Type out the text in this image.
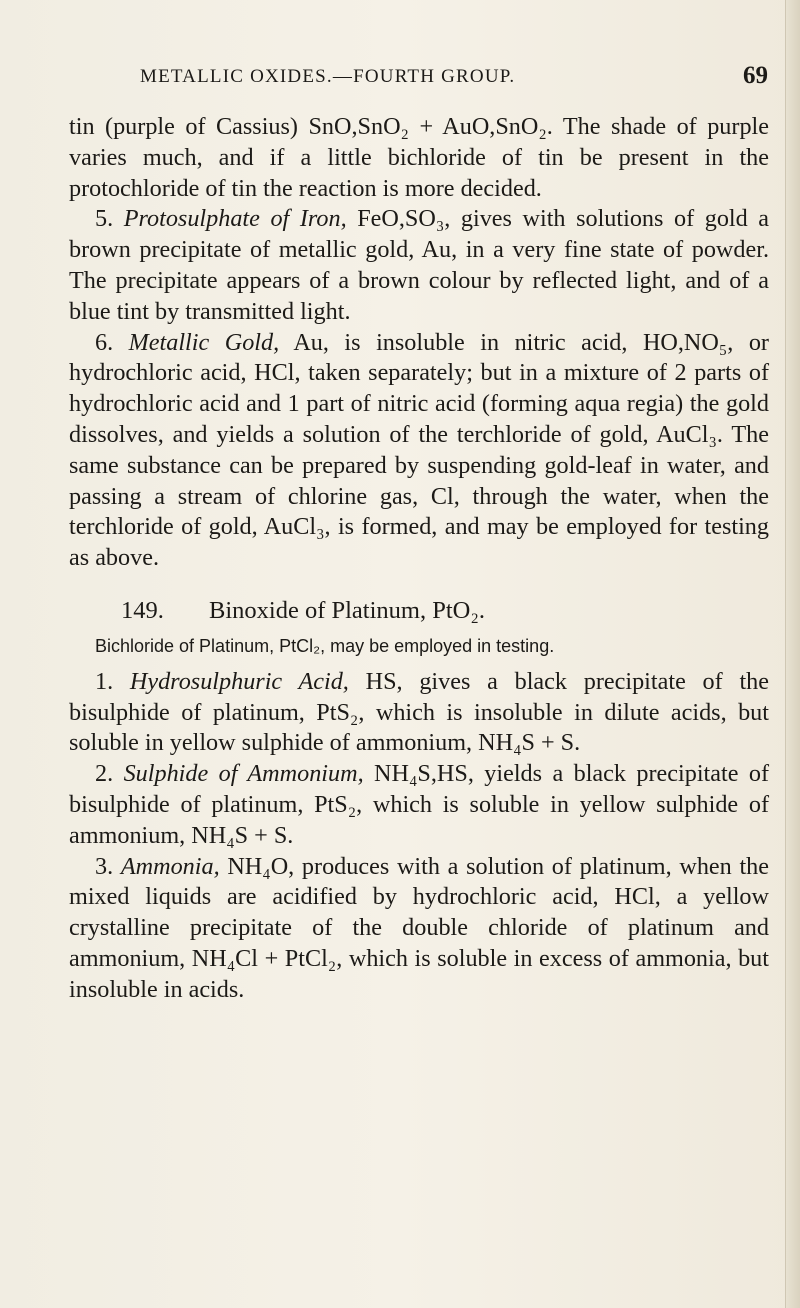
METALLIC OXIDES.—FOURTH GROUP.	69

tin (purple of Cassius) SnO,SnO₂ + AuO,SnO₂. The shade of purple varies much, and if a little bichloride of tin be present in the protochloride of tin the reaction is more decided.

5. Protosulphate of Iron, FeO,SO₃, gives with solutions of gold a brown precipitate of metallic gold, Au, in a very fine state of powder. The precipitate appears of a brown colour by reflected light, and of a blue tint by transmitted light.

6. Metallic Gold, Au, is insoluble in nitric acid, HO,NO₅, or hydrochloric acid, HCl, taken separately; but in a mixture of 2 parts of hydrochloric acid and 1 part of nitric acid (forming aqua regia) the gold dissolves, and yields a solution of the terchloride of gold, AuCl₃. The same substance can be prepared by suspending gold-leaf in water, and passing a stream of chlorine gas, Cl, through the water, when the terchloride of gold, AuCl₃, is formed, and may be employed for testing as above.

149. Binoxide of Platinum, PtO₂.

Bichloride of Platinum, PtCl₂, may be employed in testing.

1. Hydrosulphuric Acid, HS, gives a black precipitate of the bisulphide of platinum, PtS₂, which is insoluble in dilute acids, but soluble in yellow sulphide of ammonium, NH₄S + S.

2. Sulphide of Ammonium, NH₄S,HS, yields a black precipitate of bisulphide of platinum, PtS₂, which is soluble in yellow sulphide of ammonium, NH₄S + S.

3. Ammonia, NH₄O, produces with a solution of platinum, when the mixed liquids are acidified by hydrochloric acid, HCl, a yellow crystalline precipitate of the double chloride of platinum and ammonium, NH₄Cl + PtCl₂, which is soluble in excess of ammonia, but insoluble in acids.
